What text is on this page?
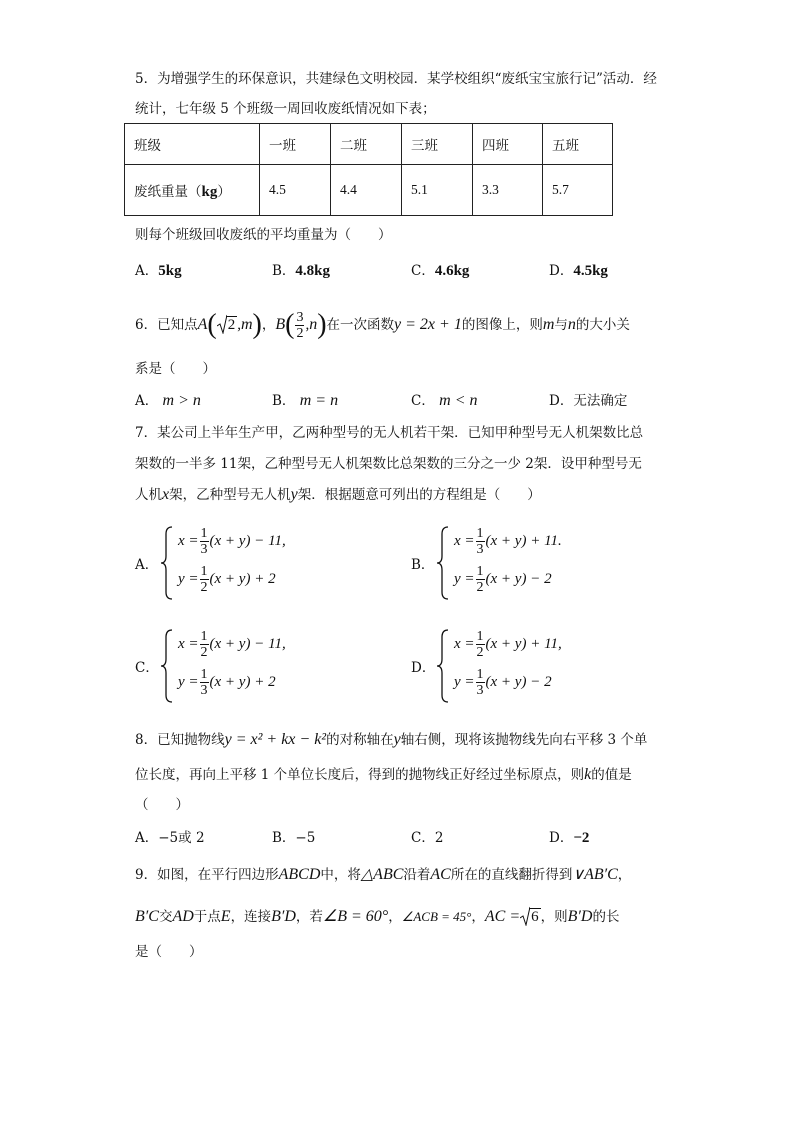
5．为增强学生的环保意识，共建绿色文明校园．某学校组织“废纸宝宝旅行记”活动．经
统计，七年级 5 个班级一周回收废纸情况如下表；
班级	一班	二班	三班	四班	五班
废纸重量（kg）	4.5	4.4	5.1	3.3	5.7
则每个班级回收废纸的平均重量为（　　）
A．5kg	B．4.8kg	C．4.6kg	D．4.5kg
6．已知点 A ( 2 , m ) ， B ( $\frac{3}{2}$ , n ) 在一次函数 y = 2x + 1 的图像上，则 m 与 n 的大小关
系是（　　）
A． m > n	B． m = n	C． m < n	D．无法确定
7．某公司上半年生产甲，乙两种型号的无人机若干架．已知甲种型号无人机架数比总
架数的一半多 11架，乙种型号无人机架数比总架数的三分之一少 2架．设甲种型号无
人机x架，乙种型号无人机y架．根据题意可列出的方程组是（　　）
A．
$x = \frac{1}{3} (x + y) - 11$,
$y = \frac{1}{2} (x + y) + 2$
B．
$x = \frac{1}{3} (x + y) + 11$.
$y = \frac{1}{2} (x + y) - 2$
C．
$x = \frac{1}{2} (x + y) - 11$,
$y = \frac{1}{3} (x + y) + 2$
D．
$x = \frac{1}{2} (x + y) + 11$,
$y = \frac{1}{3} (x + y) - 2$
8．已知抛物线y = x² + kx − k²的对称轴在y轴右侧，现将该抛物线先向右平移 3 个单
位长度，再向上平移 1 个单位长度后，得到的抛物线正好经过坐标原点，则k的值是
（　　）
A．−5或 2	B．−5	C．2	D．−2
9．如图，在平行四边形ABCD中，将△ABC沿着AC所在的直线翻折得到∨AB′C，
B′C 交 AD 于点 E ，连接 B′D ，若 ∠B = 60° ， ∠ACB = 45° ， AC = 6 ，则 B′D 的长
是（　　）
